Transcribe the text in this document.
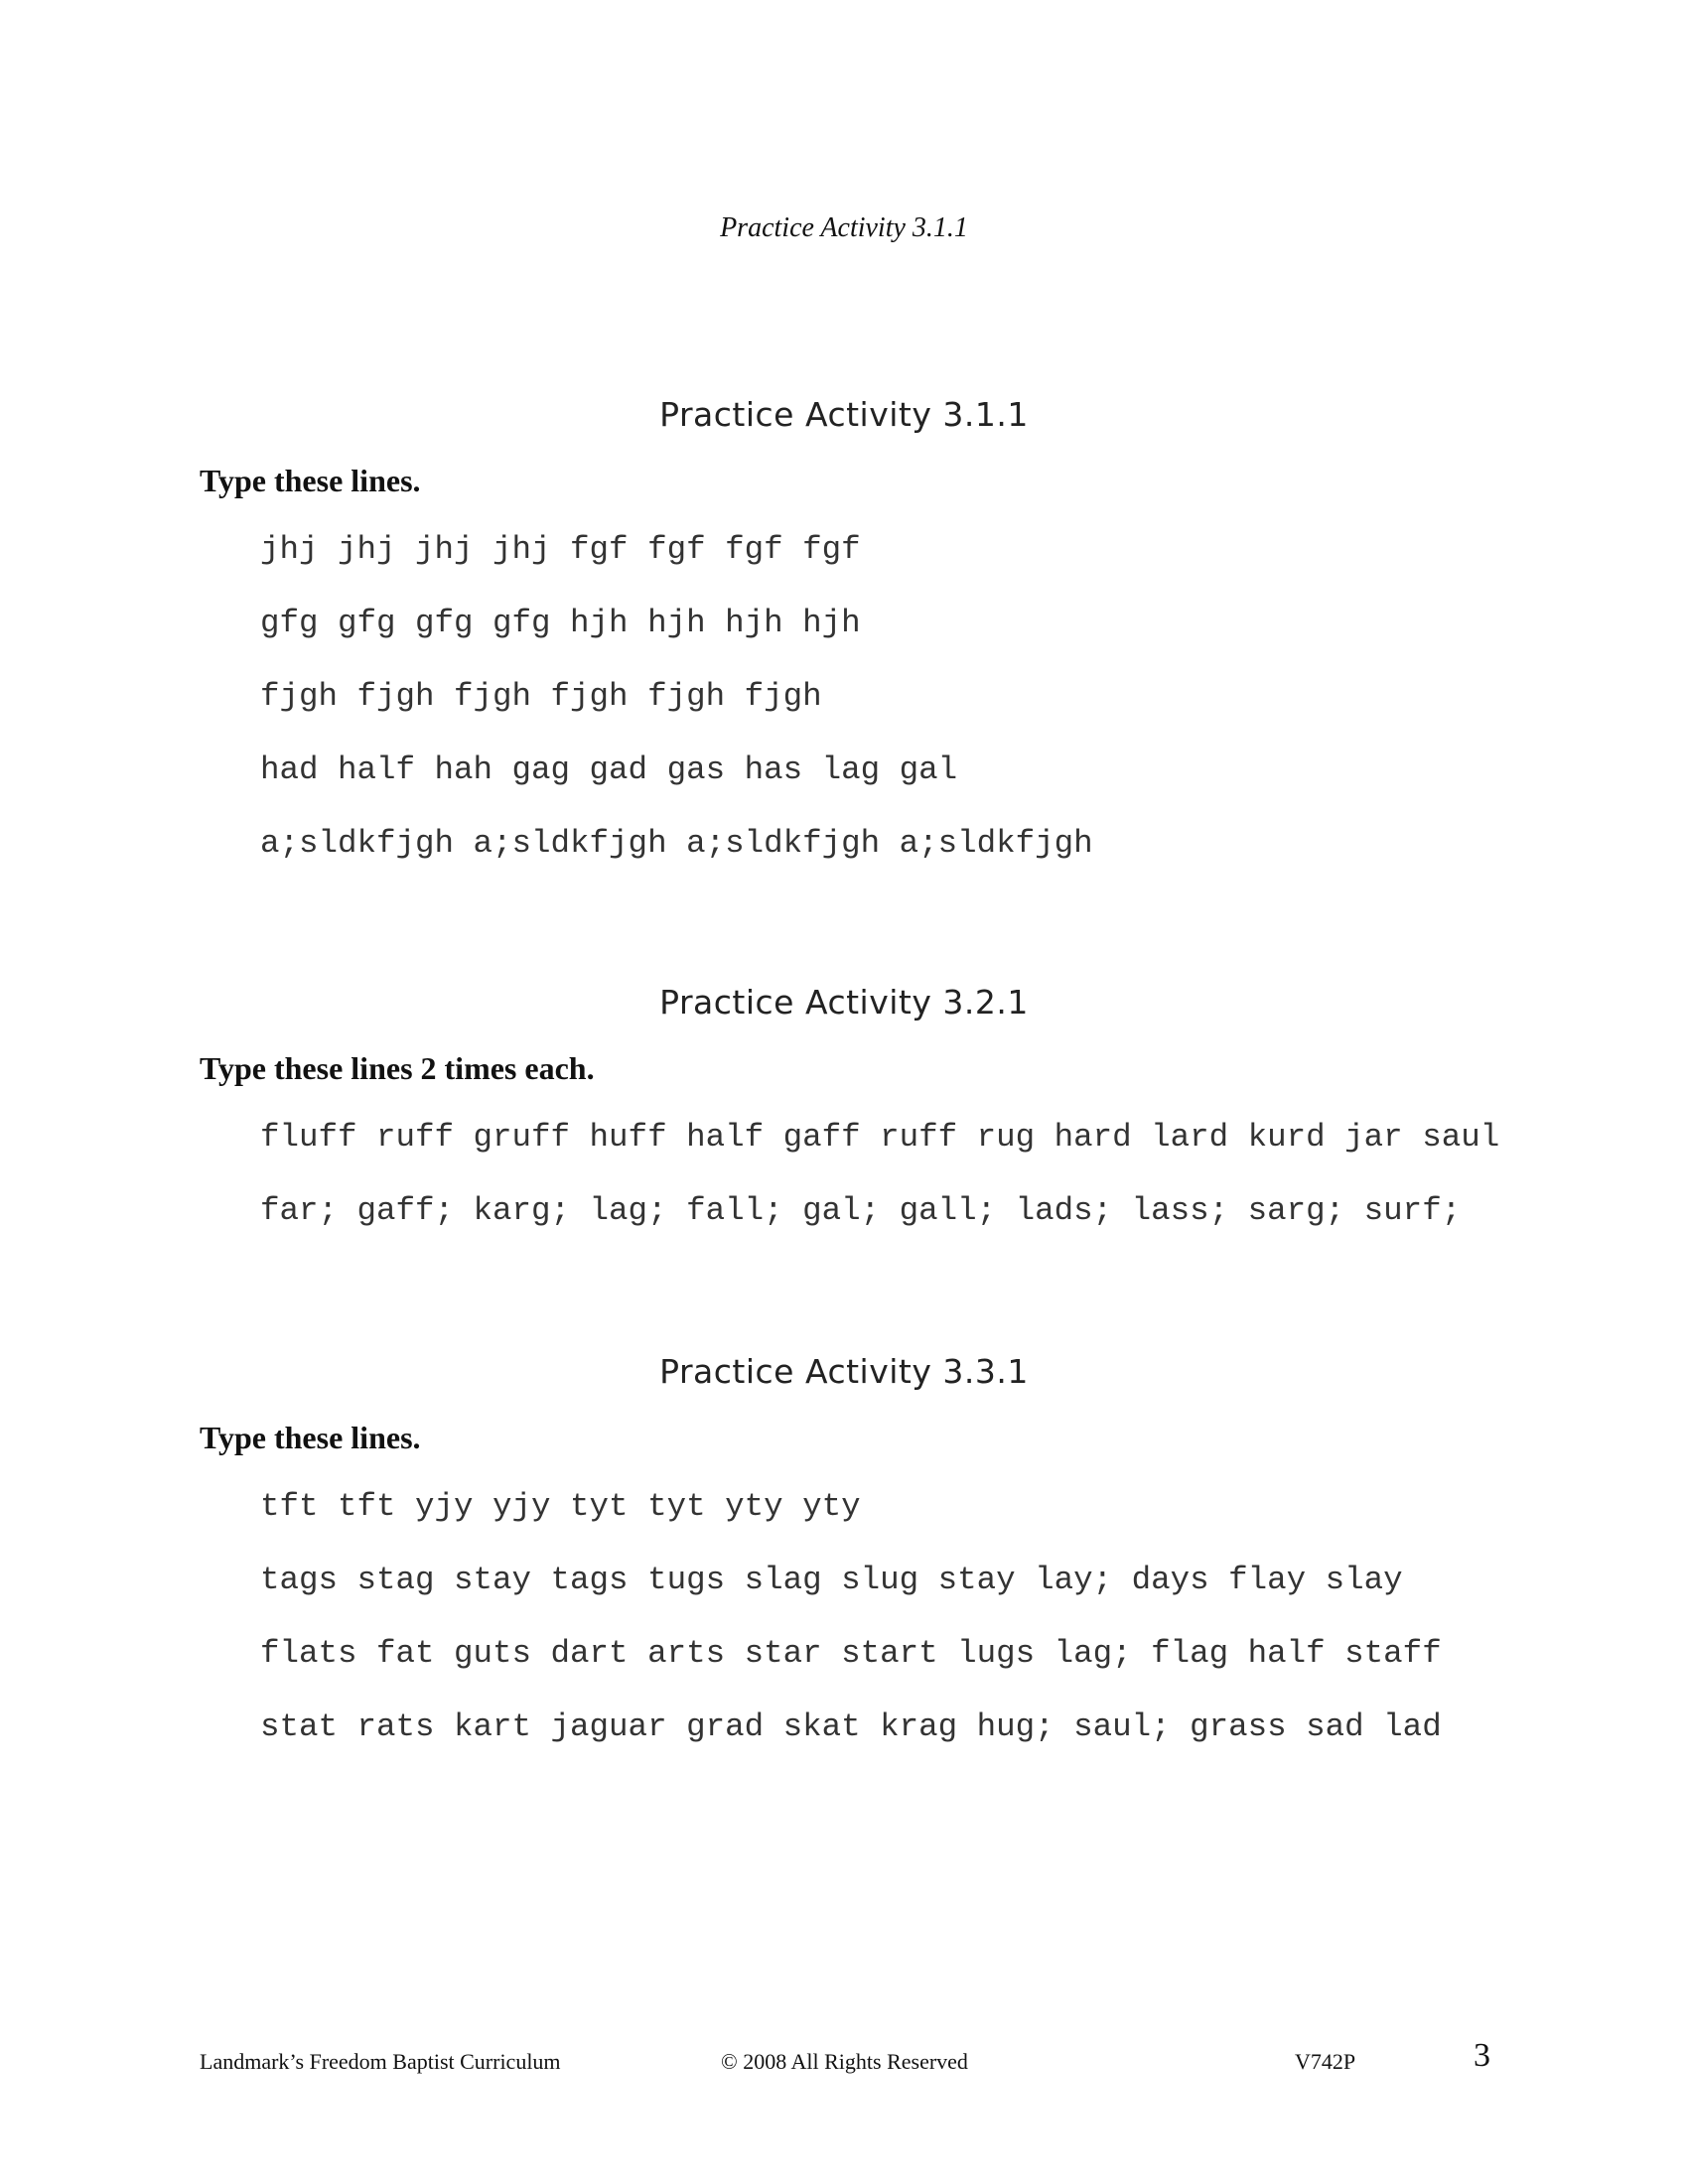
Practice Activity 3.1.1
Practice Activity 3.1.1
Type these lines.
jhj jhj jhj jhj fgf fgf fgf fgf
gfg gfg gfg gfg hjh hjh hjh hjh
fjgh fjgh fjgh fjgh fjgh fjgh
had half hah gag gad gas has lag gal
a;sldkfjgh a;sldkfjgh a;sldkfjgh a;sldkfjgh
Practice Activity 3.2.1
Type these lines 2 times each.
fluff ruff gruff huff half gaff ruff rug hard lard kurd jar saul
far; gaff; karg; lag; fall; gal; gall; lads; lass; sarg; surf;
Practice Activity 3.3.1
Type these lines.
tft tft yjy yjy tyt tyt yty yty
tags stag stay tags tugs slag slug stay lay; days flay slay
flats fat guts dart arts star start lugs lag; flag half staff
stat rats kart jaguar grad skat krag hug; saul; grass sad lad
Landmark’s Freedom Baptist Curriculum	© 2008 All Rights Reserved	V742P	3
